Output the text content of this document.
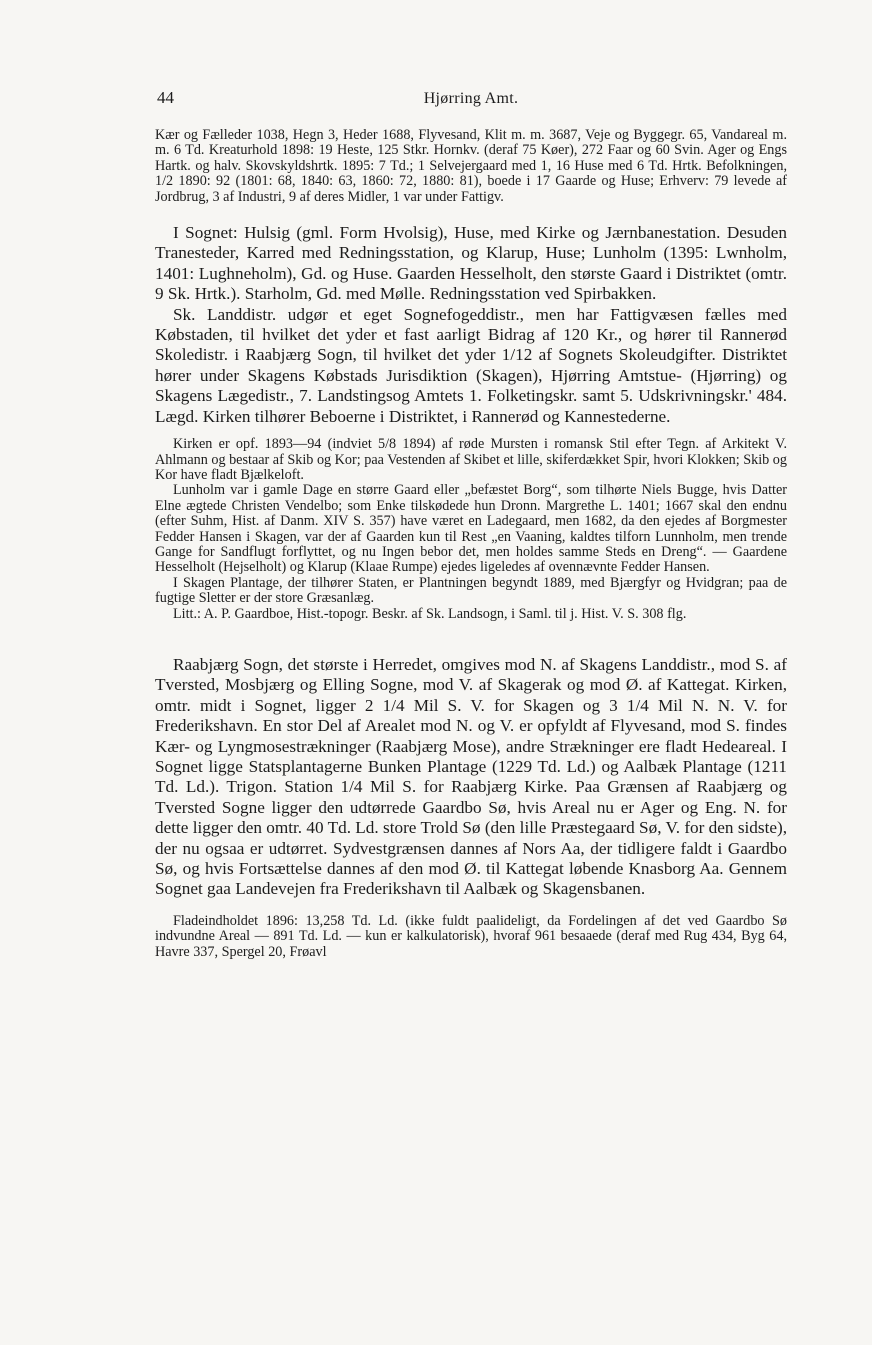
44	Hjørring Amt.

Kær og Fælleder 1038, Hegn 3, Heder 1688, Flyvesand, Klit m. m. 3687, Veje og Byggegr. 65, Vandareal m. m. 6 Td. Kreaturhold 1898: 19 Heste, 125 Stkr. Hornkv. (deraf 75 Køer), 272 Faar og 60 Svin. Ager og Engs Hartk. og halv. Skovskyldshrtk. 1895: 7 Td.; 1 Selvejergaard med 1, 16 Huse med 6 Td. Hrtk. Befolkningen, 1/2 1890: 92 (1801: 68, 1840: 63, 1860: 72, 1880: 81), boede i 17 Gaarde og Huse; Erhverv: 79 levede af Jordbrug, 3 af Industri, 9 af deres Midler, 1 var under Fattigv.

I Sognet: Hulsig (gml. Form Hvolsig), Huse, med Kirke og Jærnbanestation. Desuden Tranesteder, Karred med Redningsstation, og Klarup, Huse; Lunholm (1395: Lwnholm, 1401: Lughneholm), Gd. og Huse. Gaarden Hesselholt, den største Gaard i Distriktet (omtr. 9 Sk. Hrtk.). Starholm, Gd. med Mølle. Redningsstation ved Spirbakken.

Sk. Landdistr. udgør et eget Sognefogeddistr., men har Fattigvæsen fælles med Købstaden, til hvilket det yder et fast aarligt Bidrag af 120 Kr., og hører til Rannerød Skoledistr. i Raabjærg Sogn, til hvilket det yder 1/12 af Sognets Skoleudgifter. Distriktet hører under Skagens Købstads Jurisdiktion (Skagen), Hjørring Amtstue- (Hjørring) og Skagens Lægedistr., 7. Landstingsog Amtets 1. Folketingskr. samt 5. Udskrivningskr.' 484. Lægd. Kirken tilhører Beboerne i Distriktet, i Rannerød og Kannestederne.

Kirken er opf. 1893—94 (indviet 5/8 1894) af røde Mursten i romansk Stil efter Tegn. af Arkitekt V. Ahlmann og bestaar af Skib og Kor; paa Vestenden af Skibet et lille, skiferdækket Spir, hvori Klokken; Skib og Kor have fladt Bjælkeloft.

Lunholm var i gamle Dage en større Gaard eller „befæstet Borg“, som tilhørte Niels Bugge, hvis Datter Elne ægtede Christen Vendelbo; som Enke tilskødede hun Dronn. Margrethe L. 1401; 1667 skal den endnu (efter Suhm, Hist. af Danm. XIV S. 357) have været en Ladegaard, men 1682, da den ejedes af Borgmester Fedder Hansen i Skagen, var der af Gaarden kun til Rest „en Vaaning, kaldtes tilforn Lunnholm, men trende Gange for Sandflugt forflyttet, og nu Ingen bebor det, men holdes samme Steds en Dreng“. — Gaardene Hesselholt (Hejselholt) og Klarup (Klaae Rumpe) ejedes ligeledes af ovennævnte Fedder Hansen.

I Skagen Plantage, der tilhører Staten, er Plantningen begyndt 1889, med Bjærgfyr og Hvidgran; paa de fugtige Sletter er der store Græsanlæg.

Litt.: A. P. Gaardboe, Hist.-topogr. Beskr. af Sk. Landsogn, i Saml. til j. Hist. V. S. 308 flg.

Raabjærg Sogn, det største i Herredet, omgives mod N. af Skagens Landdistr., mod S. af Tversted, Mosbjærg og Elling Sogne, mod V. af Skagerak og mod Ø. af Kattegat. Kirken, omtr. midt i Sognet, ligger 2 1/4 Mil S. V. for Skagen og 3 1/4 Mil N. N. V. for Frederikshavn. En stor Del af Arealet mod N. og V. er opfyldt af Flyvesand, mod S. findes Kær- og Lyngmosestrækninger (Raabjærg Mose), andre Strækninger ere fladt Hedeareal. I Sognet ligge Statsplantagerne Bunken Plantage (1229 Td. Ld.) og Aalbæk Plantage (1211 Td. Ld.). Trigon. Station 1/4 Mil S. for Raabjærg Kirke. Paa Grænsen af Raabjærg og Tversted Sogne ligger den udtørrede Gaardbo Sø, hvis Areal nu er Ager og Eng. N. for dette ligger den omtr. 40 Td. Ld. store Trold Sø (den lille Præstegaard Sø, V. for den sidste), der nu ogsaa er udtørret. Sydvestgrænsen dannes af Nors Aa, der tidligere faldt i Gaardbo Sø, og hvis Fortsættelse dannes af den mod Ø. til Kattegat løbende Knasborg Aa. Gennem Sognet gaa Landevejen fra Frederikshavn til Aalbæk og Skagensbanen.

Fladeindholdet 1896: 13,258 Td. Ld. (ikke fuldt paalideligt, da Fordelingen af det ved Gaardbo Sø indvundne Areal — 891 Td. Ld. — kun er kalkulatorisk), hvoraf 961 besaaede (deraf med Rug 434, Byg 64, Havre 337, Spergel 20, Frøavl
